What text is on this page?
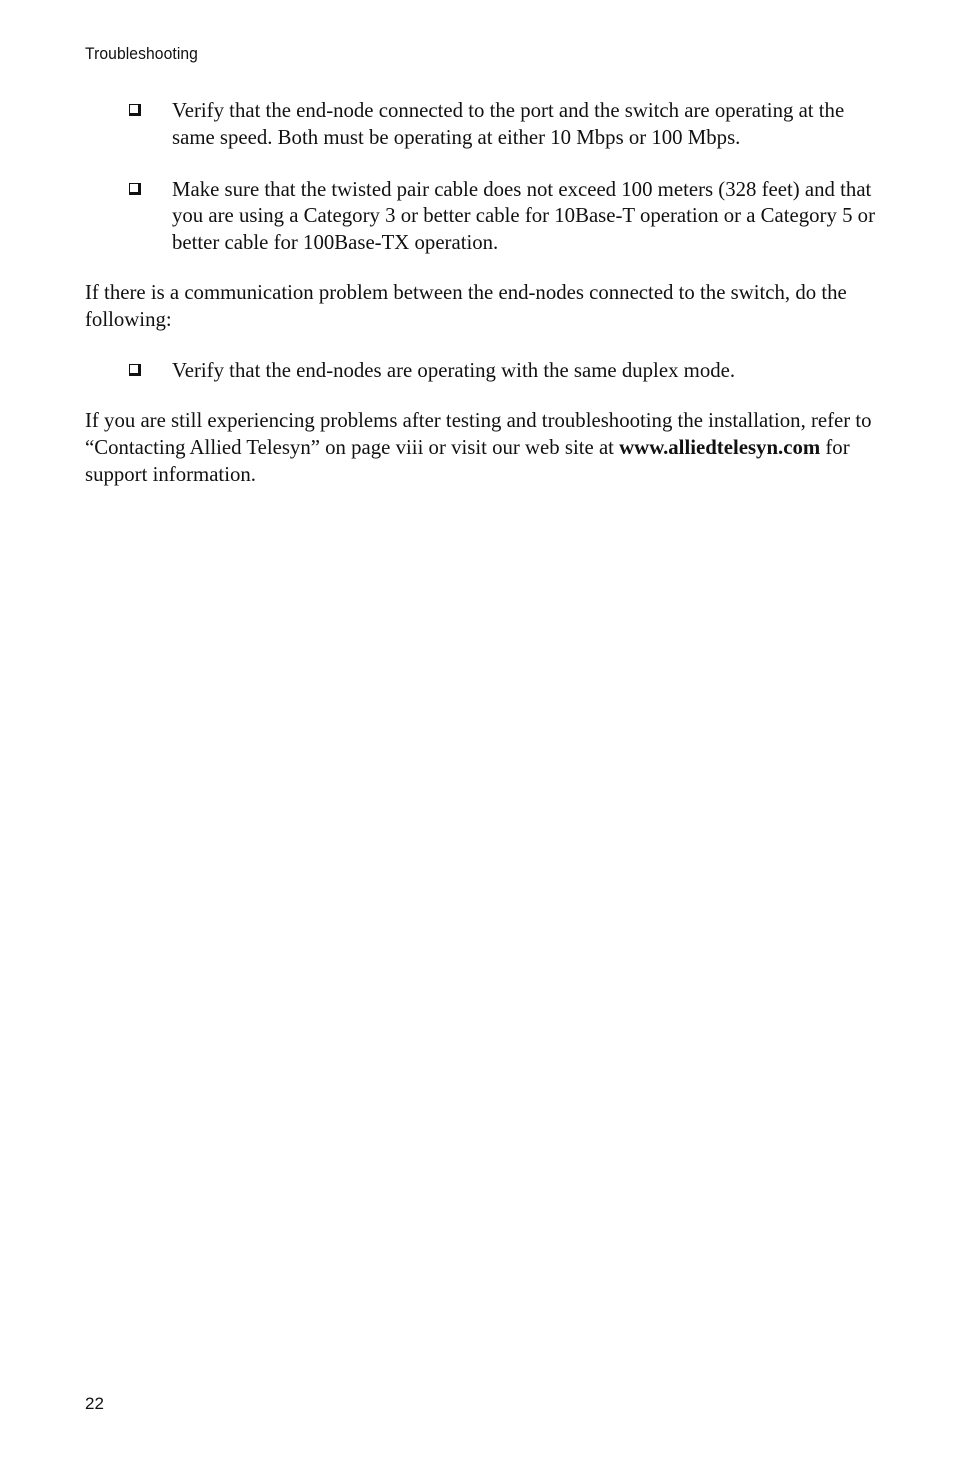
Troubleshooting
Verify that the end-node connected to the port and the switch are operating at the same speed. Both must be operating at either 10 Mbps or 100 Mbps.
Make sure that the twisted pair cable does not exceed 100 meters (328 feet) and that you are using a Category 3 or better cable for 10Base-T operation or a Category 5 or better cable for 100Base-TX operation.

If there is a communication problem between the end-nodes connected to the switch, do the following:

Verify that the end-nodes are operating with the same duplex mode.

If you are still experiencing problems after testing and troubleshooting the installation, refer to “Contacting Allied Telesyn” on page viii or visit our web site at www.alliedtelesyn.com for support information.

22
